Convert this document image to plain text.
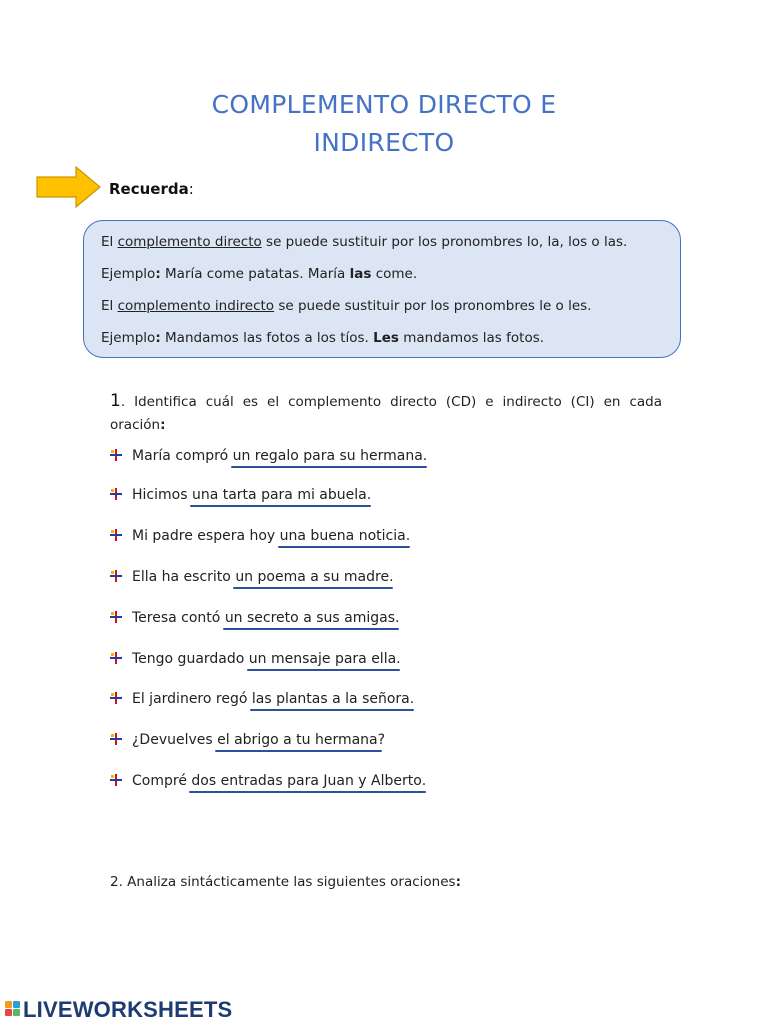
COMPLEMENTO DIRECTO E
INDIRECTO
Recuerda:
El complemento directo se puede sustituir por los pronombres lo, la, los o las.
Ejemplo: María come patatas. María las come.
El complemento indirecto se puede sustituir por los pronombres le o les.
Ejemplo: Mandamos las fotos a los tíos. Les mandamos las fotos.
1. Identifica cuál es el complemento directo (CD) e indirecto (CI) en cada oración:
María compró un regalo para su hermana.
Hicimos una tarta para mi abuela.
Mi padre espera hoy una buena noticia.
Ella ha escrito un poema a su madre.
Teresa contó un secreto a sus amigas.
Tengo guardado un mensaje para ella.
El jardinero regó las plantas a la señora.
¿Devuelves el abrigo a tu hermana?
Compré dos entradas para Juan y Alberto.
2. Analiza sintácticamente las siguientes oraciones:
LIVEWORKSHEETS
